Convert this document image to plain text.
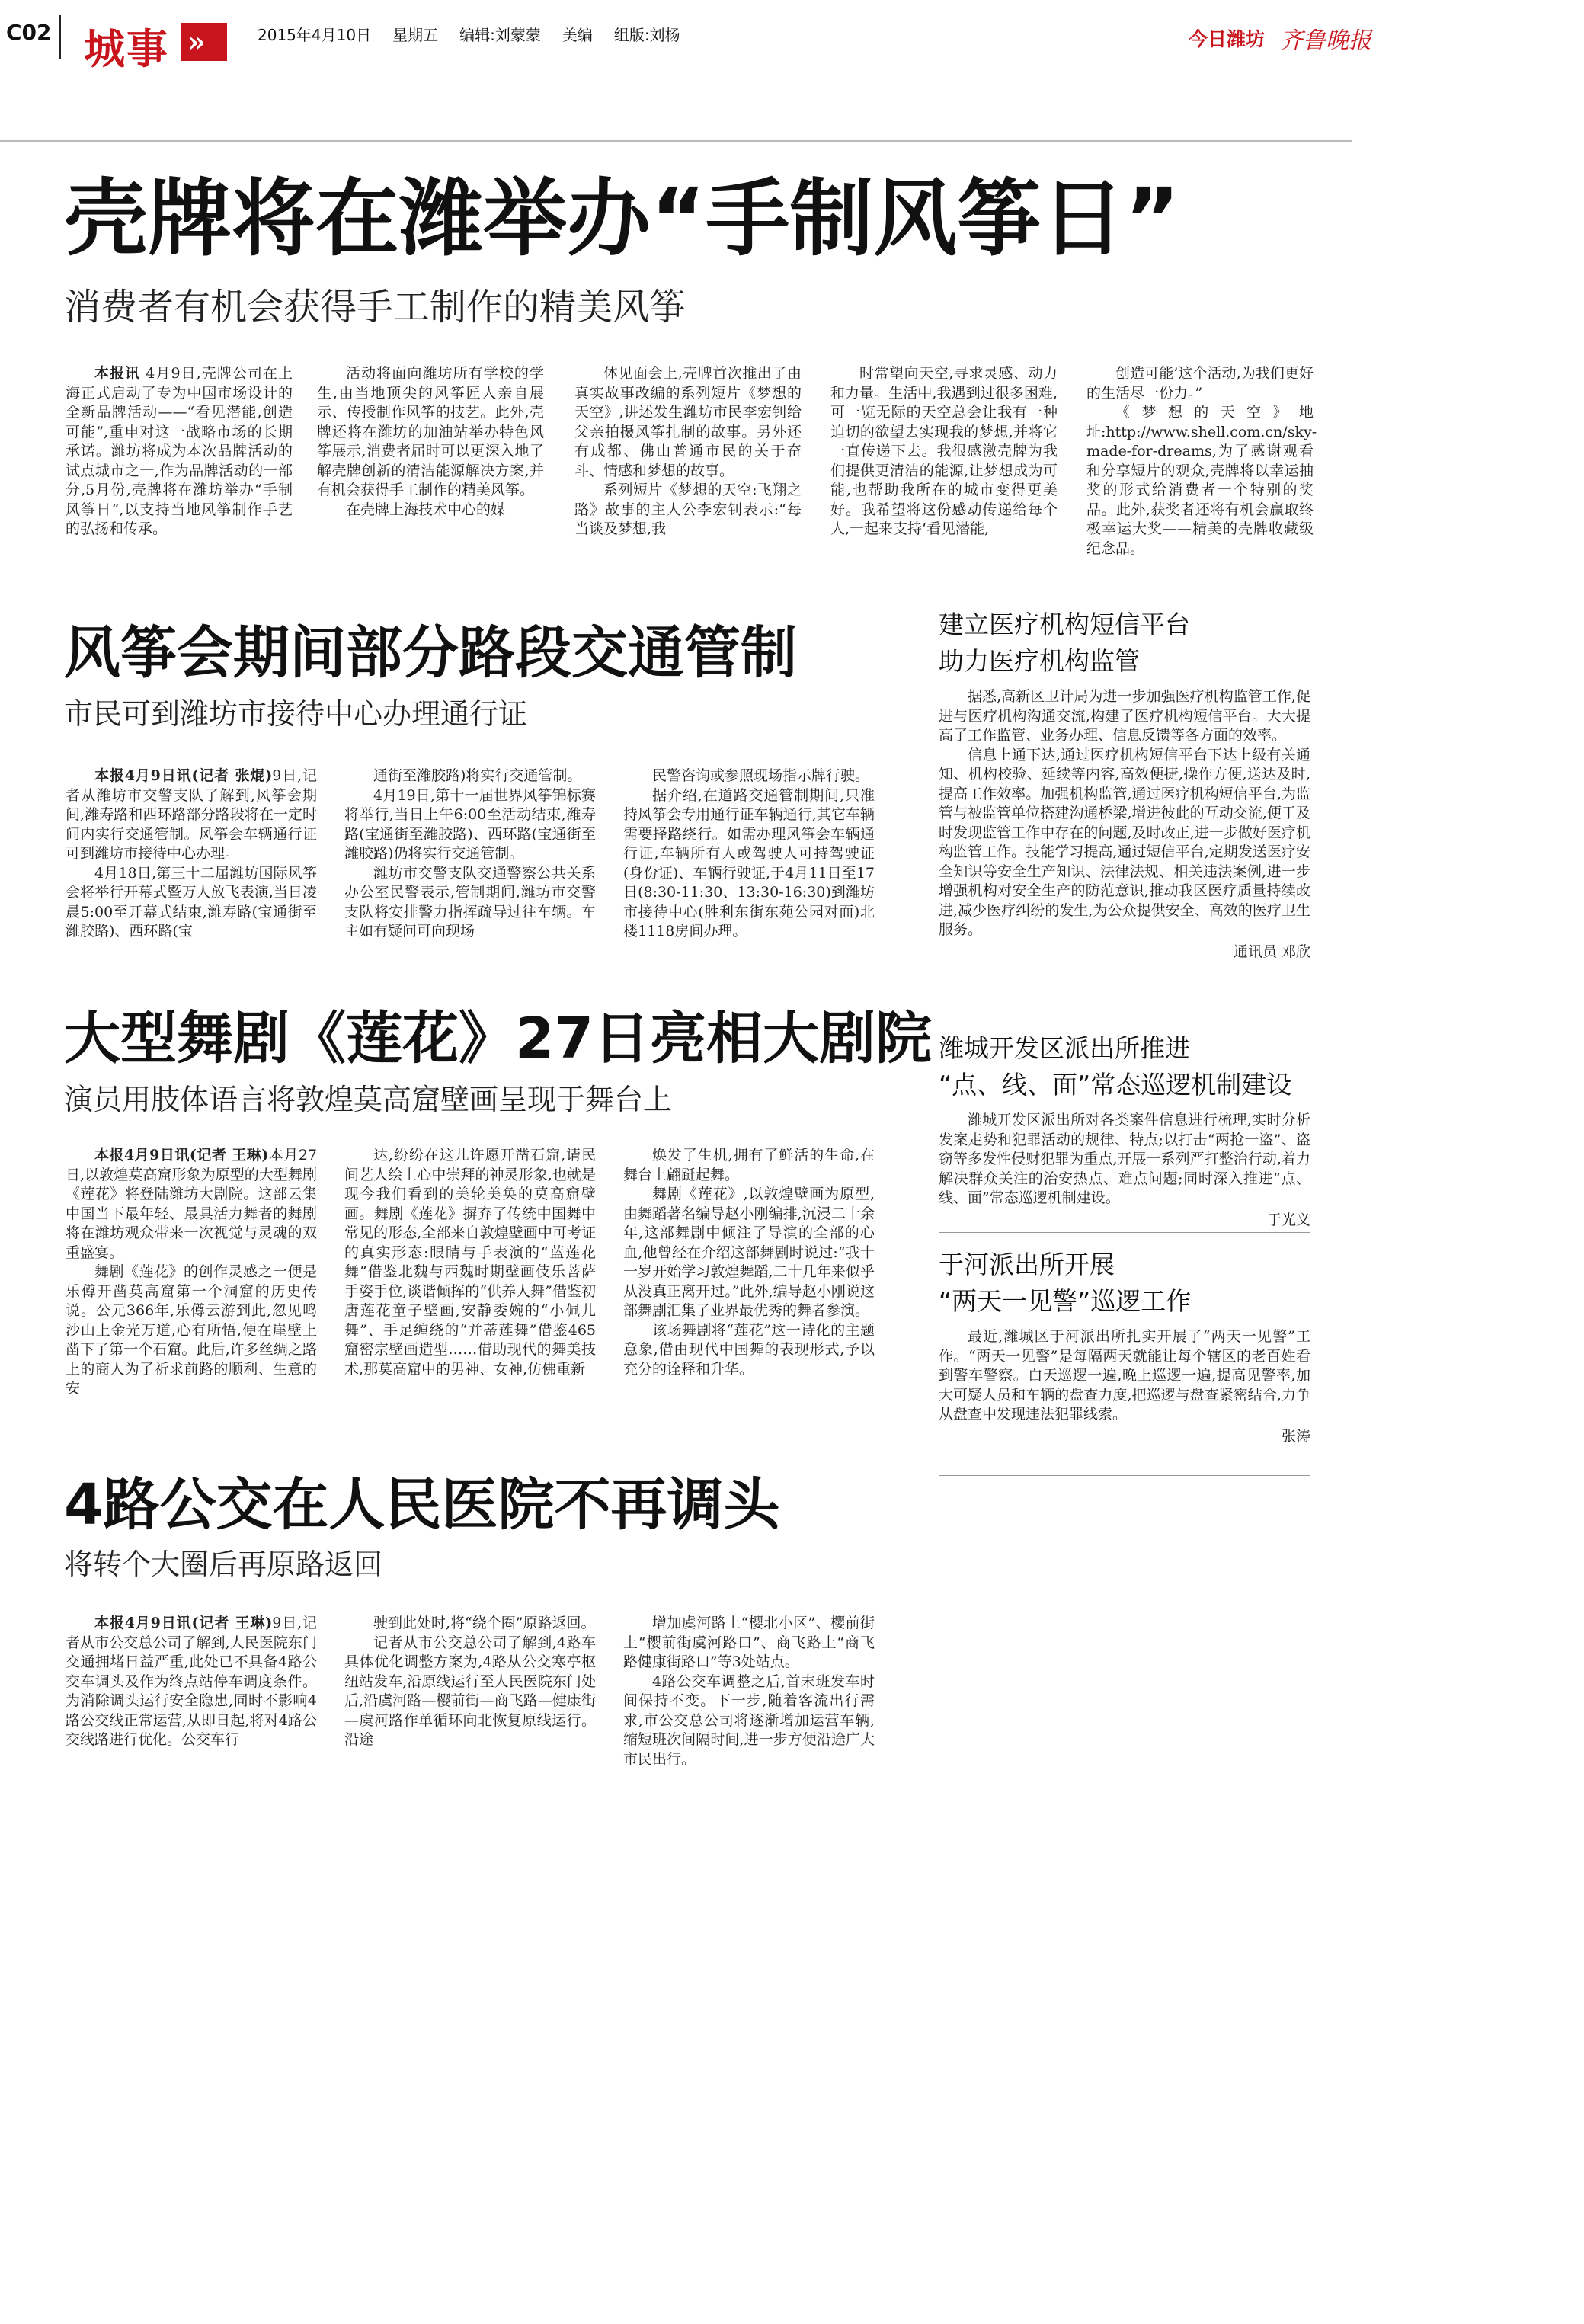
C02 城事 »	2015年4月10日 星期五 编辑:刘蒙蒙 美编 组版:刘杨	今日潍坊 齐鲁晚报
壳牌将在潍举办“手制风筝日”
消费者有机会获得手工制作的精美风筝

本报讯 4月9日,壳牌公司在上海正式启动了专为中国市场设计的全新品牌活动——“看见潜能,创造可能”,重申对这一战略市场的长期承诺。潍坊将成为本次品牌活动的试点城市之一,作为品牌活动的一部分,5月份,壳牌将在潍坊举办“手制风筝日”,以支持当地风筝制作手艺的弘扬和传承。

活动将面向潍坊所有学校的学生,由当地顶尖的风筝匠人亲自展示、传授制作风筝的技艺。此外,壳牌还将在潍坊的加油站举办特色风筝展示,消费者届时可以更深入地了解壳牌创新的清洁能源解决方案,并有机会获得手工制作的精美风筝。

在壳牌上海技术中心的媒

体见面会上,壳牌首次推出了由真实故事改编的系列短片《梦想的天空》,讲述发生潍坊市民李宏钊给父亲拍摄风筝扎制的故事。另外还有成都、佛山普通市民的关于奋斗、情感和梦想的故事。

系列短片《梦想的天空:飞翔之路》故事的主人公李宏钊表示:“每当谈及梦想,我

时常望向天空,寻求灵感、动力和力量。生活中,我遇到过很多困难,可一览无际的天空总会让我有一种迫切的欲望去实现我的梦想,并将它一直传递下去。我很感激壳牌为我们提供更清洁的能源,让梦想成为可能,也帮助我所在的城市变得更美好。我希望将这份感动传递给每个人,一起来支持‘看见潜能,

创造可能’这个活动,为我们更好的生活尽一份力。”

《梦想的天空》地址:http://www.shell.com.cn/sky-made-for-dreams,为了感谢观看和分享短片的观众,壳牌将以幸运抽奖的形式给消费者一个特别的奖品。此外,获奖者还将有机会赢取终极幸运大奖——精美的壳牌收藏级纪念品。

风筝会期间部分路段交通管制
市民可到潍坊市接待中心办理通行证

本报4月9日讯(记者 张焜)9日,记者从潍坊市交警支队了解到,风筝会期间,潍寿路和西环路部分路段将在一定时间内实行交通管制。风筝会车辆通行证可到潍坊市接待中心办理。

4月18日,第三十二届潍坊国际风筝会将举行开幕式暨万人放飞表演,当日凌晨5:00至开幕式结束,潍寿路(宝通街至潍胶路)、西环路(宝

通街至潍胶路)将实行交通管制。

4月19日,第十一届世界风筝锦标赛将举行,当日上午6:00至活动结束,潍寿路(宝通街至潍胶路)、西环路(宝通街至潍胶路)仍将实行交通管制。

潍坊市交警支队交通警察公共关系办公室民警表示,管制期间,潍坊市交警支队将安排警力指挥疏导过往车辆。车主如有疑问可向现场

民警咨询或参照现场指示牌行驶。

据介绍,在道路交通管制期间,只准持风筝会专用通行证车辆通行,其它车辆需要择路绕行。如需办理风筝会车辆通行证,车辆所有人或驾驶人可持驾驶证(身份证)、车辆行驶证,于4月11日至17日(8:30-11:30、13:30-16:30)到潍坊市接待中心(胜利东街东苑公园对面)北楼1118房间办理。

大型舞剧《莲花》27日亮相大剧院
演员用肢体语言将敦煌莫高窟壁画呈现于舞台上

本报4月9日讯(记者 王琳)本月27日,以敦煌莫高窟形象为原型的大型舞剧《莲花》将登陆潍坊大剧院。这部云集中国当下最年轻、最具活力舞者的舞剧将在潍坊观众带来一次视觉与灵魂的双重盛宴。

舞剧《莲花》的创作灵感之一便是乐僔开凿莫高窟第一个洞窟的历史传说。公元366年,乐僔云游到此,忽见鸣沙山上金光万道,心有所悟,便在崖壁上凿下了第一个石窟。此后,许多丝绸之路上的商人为了祈求前路的顺利、生意的安

达,纷纷在这儿许愿开凿石窟,请民间艺人绘上心中崇拜的神灵形象,也就是现今我们看到的美轮美奂的莫高窟壁画。舞剧《莲花》摒弃了传统中国舞中常见的形态,全部来自敦煌壁画中可考证的真实形态:眼睛与手表演的“蓝莲花舞”借鉴北魏与西魏时期壁画伎乐菩萨手姿手位,谈谐倾挥的“供养人舞”借鉴初唐莲花童子壁画,安静委婉的“小佩儿舞”、手足缠绕的“并蒂莲舞”借鉴465窟密宗壁画造型……借助现代的舞美技术,那莫高窟中的男神、女神,仿佛重新

焕发了生机,拥有了鲜活的生命,在舞台上翩跹起舞。

舞剧《莲花》,以敦煌壁画为原型,由舞蹈著名编导赵小刚编排,沉浸二十余年,这部舞剧中倾注了导演的全部的心血,他曾经在介绍这部舞剧时说过:“我十一岁开始学习敦煌舞蹈,二十几年来似乎从没真正离开过。”此外,编导赵小刚说这部舞剧汇集了业界最优秀的舞者参演。

该场舞剧将“莲花”这一诗化的主题意象,借由现代中国舞的表现形式,予以充分的诠释和升华。

4路公交在人民医院不再调头
将转个大圈后再原路返回

本报4月9日讯(记者 王琳)9日,记者从市公交总公司了解到,人民医院东门交通拥堵日益严重,此处已不具备4路公交车调头及作为终点站停车调度条件。为消除调头运行安全隐患,同时不影响4路公交线正常运营,从即日起,将对4路公交线路进行优化。公交车行

驶到此处时,将“绕个圈”原路返回。

记者从市公交总公司了解到,4路车具体优化调整方案为,4路从公交寒亭枢纽站发车,沿原线运行至人民医院东门处后,沿虞河路—樱前街—商飞路—健康街—虞河路作单循环向北恢复原线运行。沿途

增加虞河路上“樱北小区”、樱前街上“樱前街虞河路口”、商飞路上“商飞路健康街路口”等3处站点。

4路公交车调整之后,首末班发车时间保持不变。下一步,随着客流出行需求,市公交总公司将逐渐增加运营车辆,缩短班次间隔时间,进一步方便沿途广大市民出行。

建立医疗机构短信平台
助力医疗机构监管

据悉,高新区卫计局为进一步加强医疗机构监管工作,促进与医疗机构沟通交流,构建了医疗机构短信平台。大大提高了工作监管、业务办理、信息反馈等各方面的效率。

信息上通下达,通过医疗机构短信平台下达上级有关通知、机构校验、延续等内容,高效便捷,操作方便,送达及时,提高工作效率。加强机构监管,通过医疗机构短信平台,为监管与被监管单位搭建沟通桥梁,增进彼此的互动交流,便于及时发现监管工作中存在的问题,及时改正,进一步做好医疗机构监管工作。技能学习提高,通过短信平台,定期发送医疗安全知识等安全生产知识、法律法规、相关违法案例,进一步增强机构对安全生产的防范意识,推动我区医疗质量持续改进,减少医疗纠纷的发生,为公众提供安全、高效的医疗卫生服务。

通讯员 邓欣
潍城开发区派出所推进
“点、线、面”常态巡逻机制建设

潍城开发区派出所对各类案件信息进行梳理,实时分析发案走势和犯罪活动的规律、特点;以打击“两抢一盗”、盗窃等多发性侵财犯罪为重点,开展一系列严打整治行动,着力解决群众关注的治安热点、难点问题;同时深入推进“点、线、面”常态巡逻机制建设。

于光义
于河派出所开展
“两天一见警”巡逻工作

最近,潍城区于河派出所扎实开展了“两天一见警”工作。“两天一见警”是每隔两天就能让每个辖区的老百姓看到警车警察。白天巡逻一遍,晚上巡逻一遍,提高见警率,加大可疑人员和车辆的盘查力度,把巡逻与盘查紧密结合,力争从盘查中发现违法犯罪线索。

张涛
